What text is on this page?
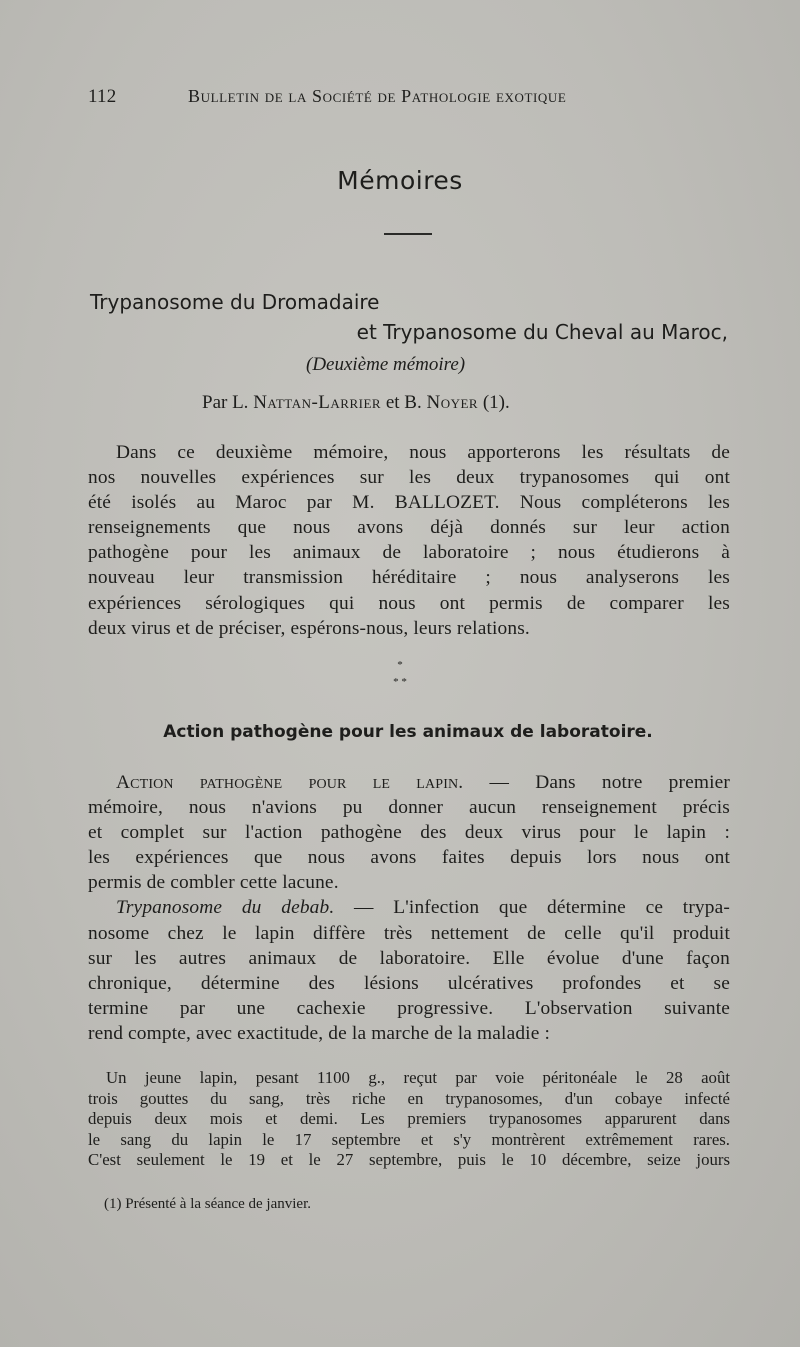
112	Bulletin de la Société de Pathologie exotique
Mémoires
Trypanosome du Dromadaire
et Trypanosome du Cheval au Maroc,
(Deuxième mémoire)
Par L. Nattan-Larrier et B. Noyer (1).
Dans ce deuxième mémoire, nous apporterons les résultats de
nos nouvelles expériences sur les deux trypanosomes qui ont
été isolés au Maroc par M. BALLOZET. Nous compléterons les
renseignements que nous avons déjà donnés sur leur action
pathogène pour les animaux de laboratoire ; nous étudierons à
nouveau leur transmission héréditaire ; nous analyserons les
expériences sérologiques qui nous ont permis de comparer les
deux virus et de préciser, espérons-nous, leurs relations.
*
* *
Action pathogène pour les animaux de laboratoire.
Action pathogène pour le lapin. — Dans notre premier
mémoire, nous n'avions pu donner aucun renseignement précis
et complet sur l'action pathogène des deux virus pour le lapin :
les expériences que nous avons faites depuis lors nous ont
permis de combler cette lacune.
Trypanosome du debab. — L'infection que détermine ce trypa-
nosome chez le lapin diffère très nettement de celle qu'il produit
sur les autres animaux de laboratoire. Elle évolue d'une façon
chronique, détermine des lésions ulcératives profondes et se
termine par une cachexie progressive. L'observation suivante
rend compte, avec exactitude, de la marche de la maladie :
Un jeune lapin, pesant 1100 g., reçut par voie péritonéale le 28 août
trois gouttes du sang, très riche en trypanosomes, d'un cobaye infecté
depuis deux mois et demi. Les premiers trypanosomes apparurent dans
le sang du lapin le 17 septembre et s'y montrèrent extrêmement rares.
C'est seulement le 19 et le 27 septembre, puis le 10 décembre, seize jours
(1) Présenté à la séance de janvier.
